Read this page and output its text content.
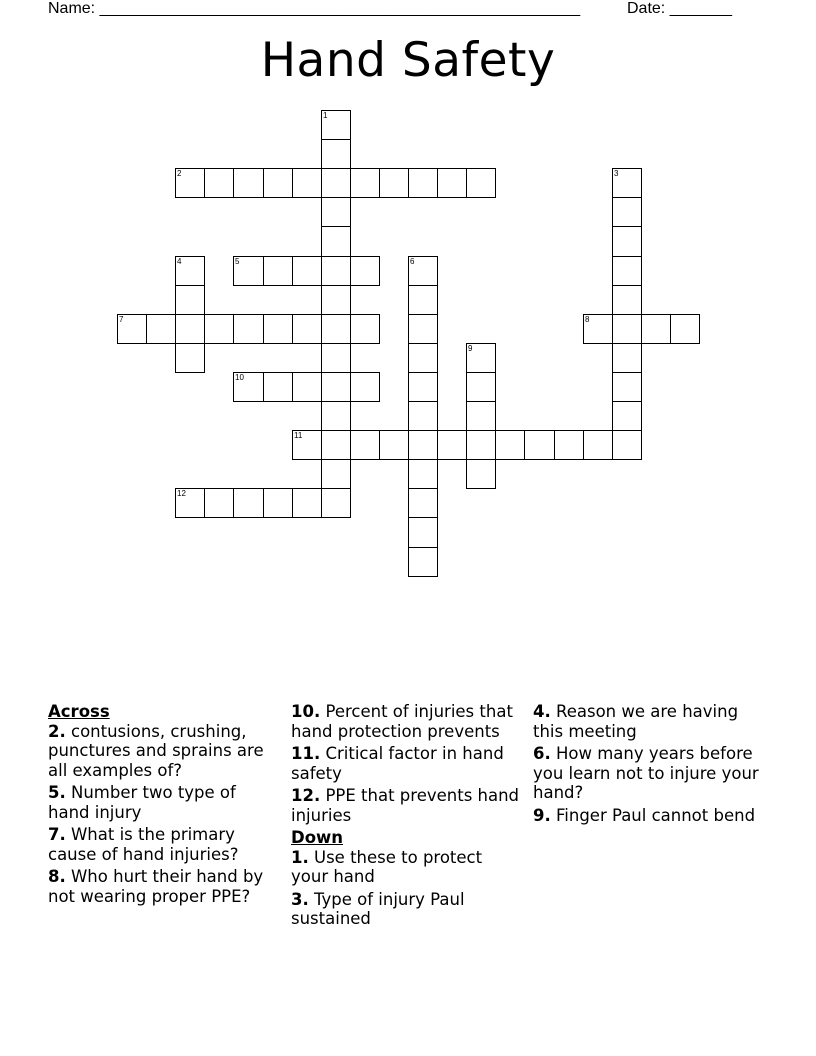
Name: ______________________________________________________	Date: _______
Hand Safety
1
2	3
4	5	6
7	8
9
10
11
12
Across
2. contusions, crushing, punctures and sprains are all examples of?
5. Number two type of hand injury
7. What is the primary cause of hand injuries?
8. Who hurt their hand by not wearing proper PPE?
10. Percent of injuries that hand protection prevents
11. Critical factor in hand safety
12. PPE that prevents hand injuries
Down
1. Use these to protect your hand
3. Type of injury Paul sustained
4. Reason we are having this meeting
6. How many years before you learn not to injure your hand?
9. Finger Paul cannot bend
